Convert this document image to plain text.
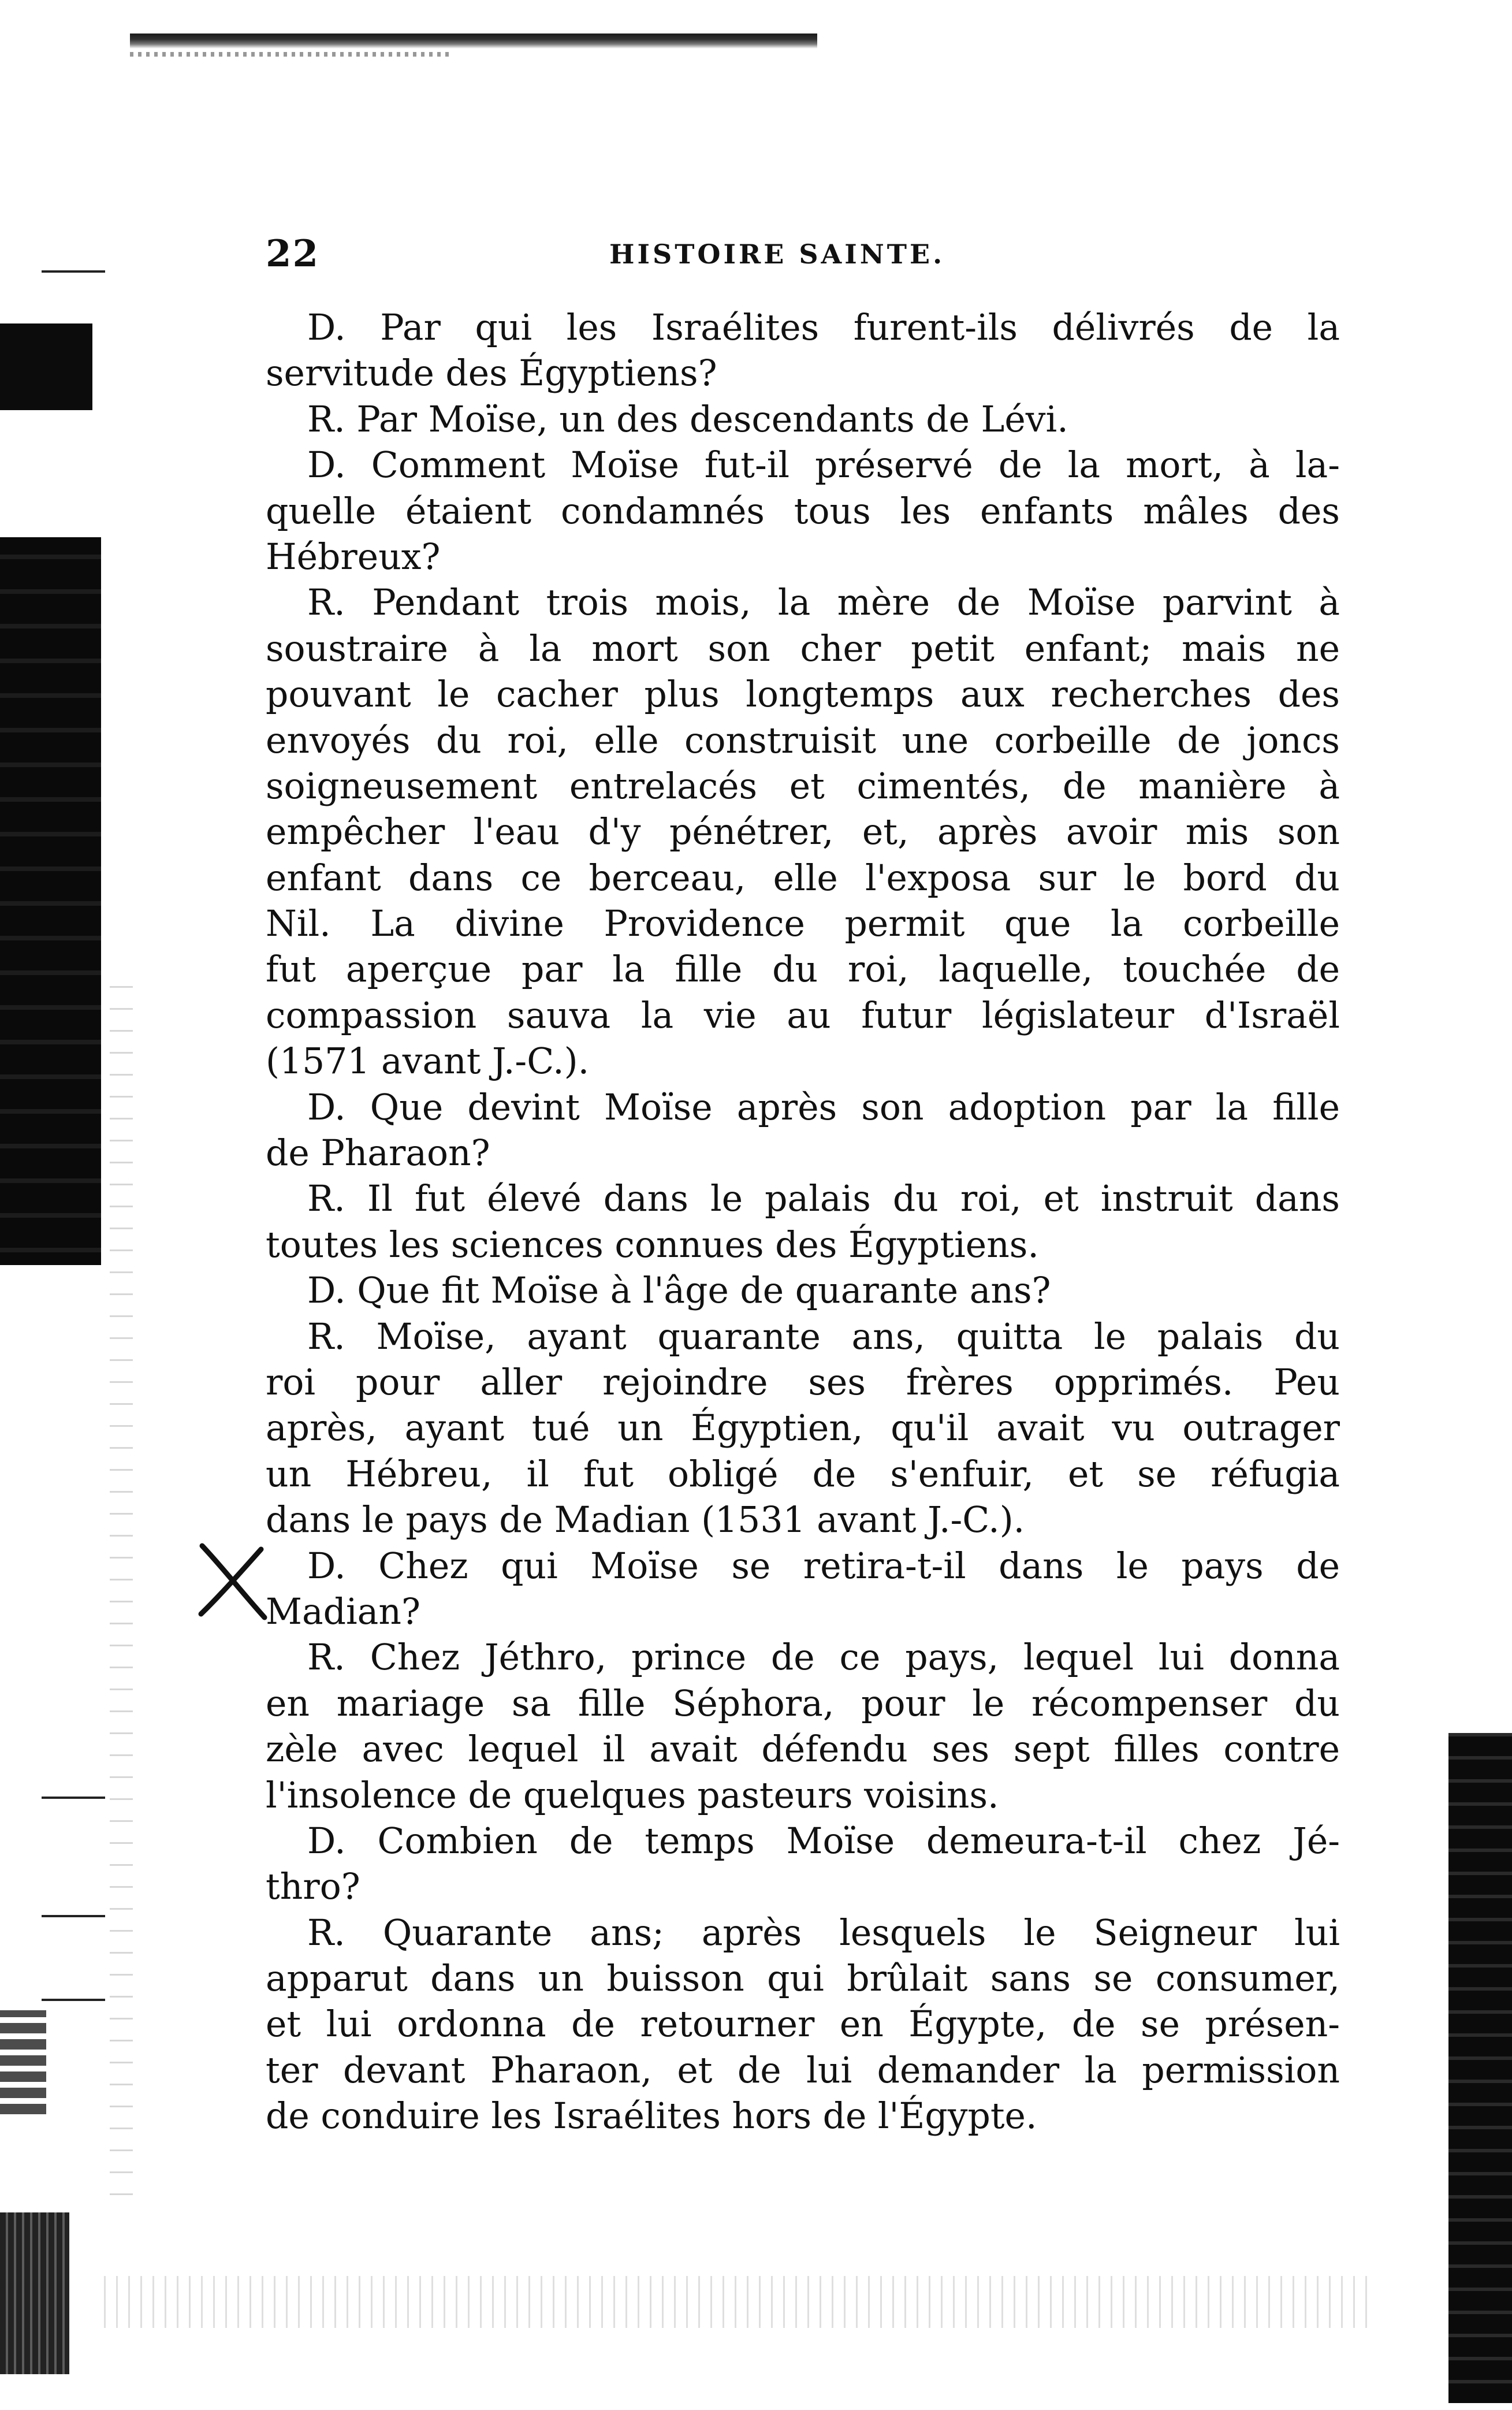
22	HISTOIRE SAINTE.
D. Par qui les Israélites furent-ils délivrés de la
servitude des Égyptiens?
R. Par Moïse, un des descendants de Lévi.
D. Comment Moïse fut-il préservé de la mort, à la-
quelle étaient condamnés tous les enfants mâles des
Hébreux?
R. Pendant trois mois, la mère de Moïse parvint à
soustraire à la mort son cher petit enfant; mais ne
pouvant le cacher plus longtemps aux recherches des
envoyés du roi, elle construisit une corbeille de joncs
soigneusement entrelacés et cimentés, de manière à
empêcher l'eau d'y pénétrer, et, après avoir mis son
enfant dans ce berceau, elle l'exposa sur le bord du
Nil. La divine Providence permit que la corbeille
fut aperçue par la fille du roi, laquelle, touchée de
compassion sauva la vie au futur législateur d'Israël
(1571 avant J.-C.).
D. Que devint Moïse après son adoption par la fille
de Pharaon?
R. Il fut élevé dans le palais du roi, et instruit dans
toutes les sciences connues des Égyptiens.
D. Que fit Moïse à l'âge de quarante ans?
R. Moïse, ayant quarante ans, quitta le palais du
roi pour aller rejoindre ses frères opprimés. Peu
après, ayant tué un Égyptien, qu'il avait vu outrager
un Hébreu, il fut obligé de s'enfuir, et se réfugia
dans le pays de Madian (1531 avant J.-C.).
D. Chez qui Moïse se retira-t-il dans le pays de
Madian?
R. Chez Jéthro, prince de ce pays, lequel lui donna
en mariage sa fille Séphora, pour le récompenser du
zèle avec lequel il avait défendu ses sept filles contre
l'insolence de quelques pasteurs voisins.
D. Combien de temps Moïse demeura-t-il chez Jé-
thro?
R. Quarante ans; après lesquels le Seigneur lui
apparut dans un buisson qui brûlait sans se consumer,
et lui ordonna de retourner en Égypte, de se présen-
ter devant Pharaon, et de lui demander la permission
de conduire les Israélites hors de l'Égypte.
